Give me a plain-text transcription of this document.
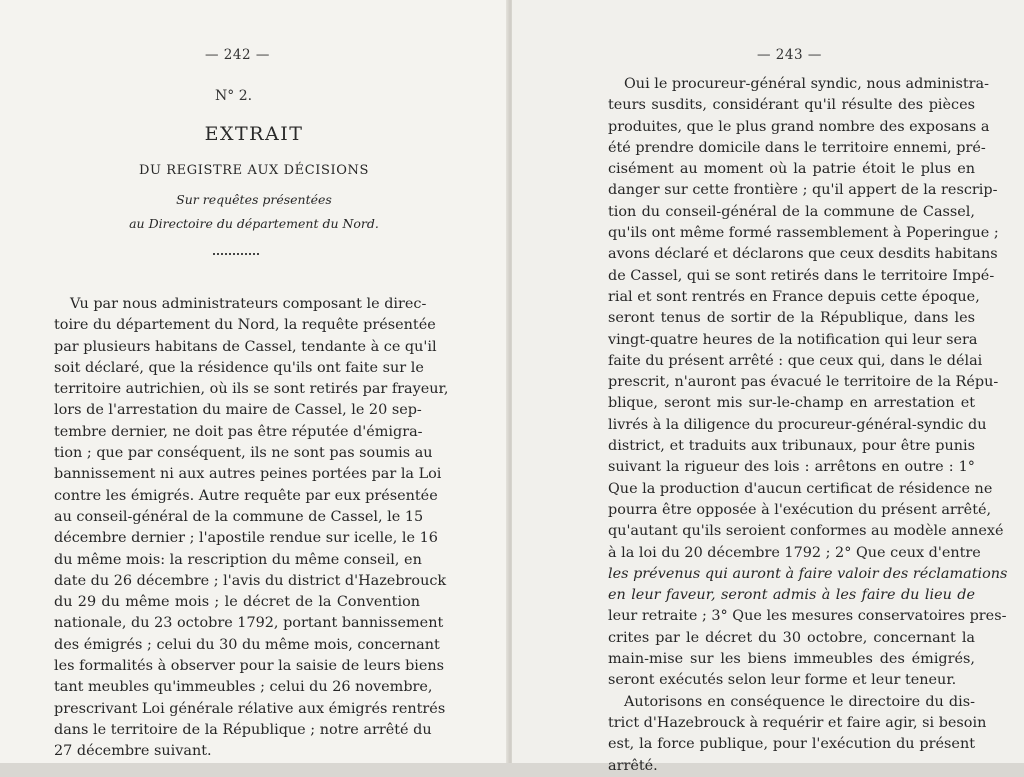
— 242 —
N° 2.
EXTRAIT
DU REGISTRE AUX DÉCISIONS
Sur requêtes présentées
au Directoire du département du Nord.
Vu par nous administrateurs composant le direc-
toire du département du Nord, la requête présentée
par plusieurs habitans de Cassel, tendante à ce qu'il
soit déclaré, que la résidence qu'ils ont faite sur le
territoire autrichien, où ils se sont retirés par frayeur,
lors de l'arrestation du maire de Cassel, le 20 sep-
tembre dernier, ne doit pas être réputée d'émigra-
tion ; que par conséquent, ils ne sont pas soumis au
bannissement ni aux autres peines portées par la Loi
contre les émigrés. Autre requête par eux présentée
au conseil-général de la commune de Cassel, le 15
décembre dernier ; l'apostile rendue sur icelle, le 16
du même mois: la rescription du même conseil, en
date du 26 décembre ; l'avis du district d'Hazebrouck
du 29 du même mois ; le décret de la Convention
nationale, du 23 octobre 1792, portant bannissement
des émigrés ; celui du 30 du même mois, concernant
les formalités à observer pour la saisie de leurs biens
tant meubles qu'immeubles ; celui du 26 novembre,
prescrivant Loi générale rélative aux émigrés rentrés
dans le territoire de la République ; notre arrêté du
27 décembre suivant.
— 243 —
Oui le procureur-général syndic, nous administra-
teurs susdits, considérant qu'il résulte des pièces
produites, que le plus grand nombre des exposans a
été prendre domicile dans le territoire ennemi, pré-
cisément au moment où la patrie étoit le plus en
danger sur cette frontière ; qu'il appert de la rescrip-
tion du conseil-général de la commune de Cassel,
qu'ils ont même formé rassemblement à Poperingue ;
avons déclaré et déclarons que ceux desdits habitans
de Cassel, qui se sont retirés dans le territoire Impé-
rial et sont rentrés en France depuis cette époque,
seront tenus de sortir de la République, dans les
vingt-quatre heures de la notification qui leur sera
faite du présent arrêté : que ceux qui, dans le délai
prescrit, n'auront pas évacué le territoire de la Répu-
blique, seront mis sur-le-champ en arrestation et
livrés à la diligence du procureur-général-syndic du
district, et traduits aux tribunaux, pour être punis
suivant la rigueur des lois : arrêtons en outre : 1°
Que la production d'aucun certificat de résidence ne
pourra être opposée à l'exécution du présent arrêté,
qu'autant qu'ils seroient conformes au modèle annexé
à la loi du 20 décembre 1792 ; 2° Que ceux d'entre
les prévenus qui auront à faire valoir des réclamations
en leur faveur, seront admis à les faire du lieu de
leur retraite ; 3° Que les mesures conservatoires pres-
crites par le décret du 30 octobre, concernant la
main-mise sur les biens immeubles des émigrés,
seront exécutés selon leur forme et leur teneur.
Autorisons en conséquence le directoire du dis-
trict d'Hazebrouck à requérir et faire agir, si besoin
est, la force publique, pour l'exécution du présent
arrêté.
